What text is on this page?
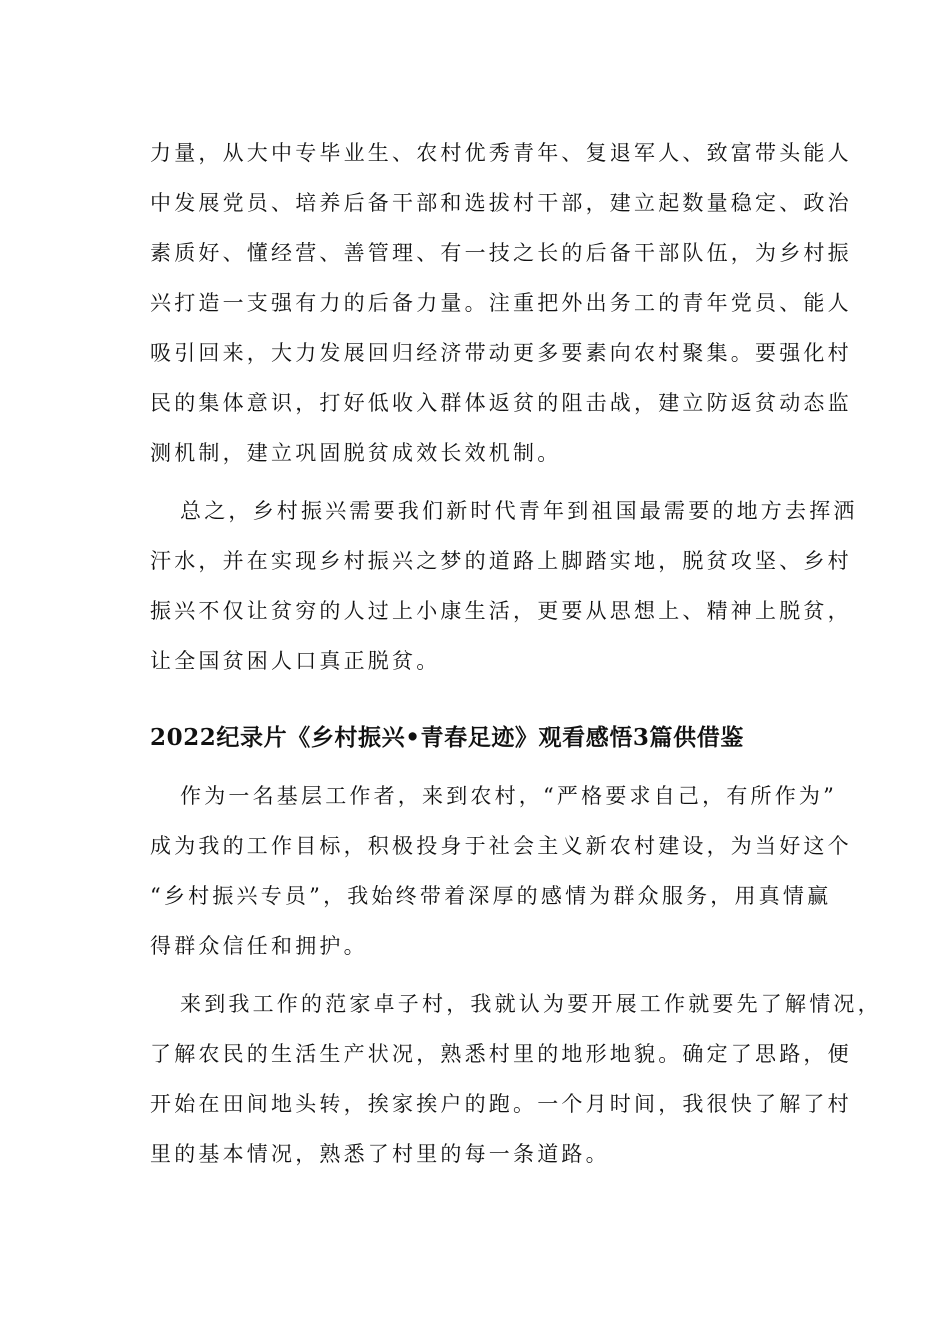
力量，从大中专毕业生、农村优秀青年、复退军人、致富带头能人
中发展党员、培养后备干部和选拔村干部，建立起数量稳定、政治
素质好、懂经营、善管理、有一技之长的后备干部队伍，为乡村振
兴打造一支强有力的后备力量。注重把外出务工的青年党员、能人
吸引回来，大力发展回归经济带动更多要素向农村聚集。要强化村
民的集体意识，打好低收入群体返贫的阻击战，建立防返贫动态监
测机制，建立巩固脱贫成效长效机制。
总之，乡村振兴需要我们新时代青年到祖国最需要的地方去挥洒
汗水，并在实现乡村振兴之梦的道路上脚踏实地，脱贫攻坚、乡村
振兴不仅让贫穷的人过上小康生活，更要从思想上、精神上脱贫，
让全国贫困人口真正脱贫。
2022纪录片《乡村振兴•青春足迹》观看感悟3篇供借鉴
作为一名基层工作者，来到农村，“严格要求自己，有所作为”
成为我的工作目标，积极投身于社会主义新农村建设，为当好这个
“乡村振兴专员”，我始终带着深厚的感情为群众服务，用真情赢
得群众信任和拥护。
来到我工作的范家卓子村，我就认为要开展工作就要先了解情况，
了解农民的生活生产状况，熟悉村里的地形地貌。确定了思路，便
开始在田间地头转，挨家挨户的跑。一个月时间，我很快了解了村
里的基本情况，熟悉了村里的每一条道路。
